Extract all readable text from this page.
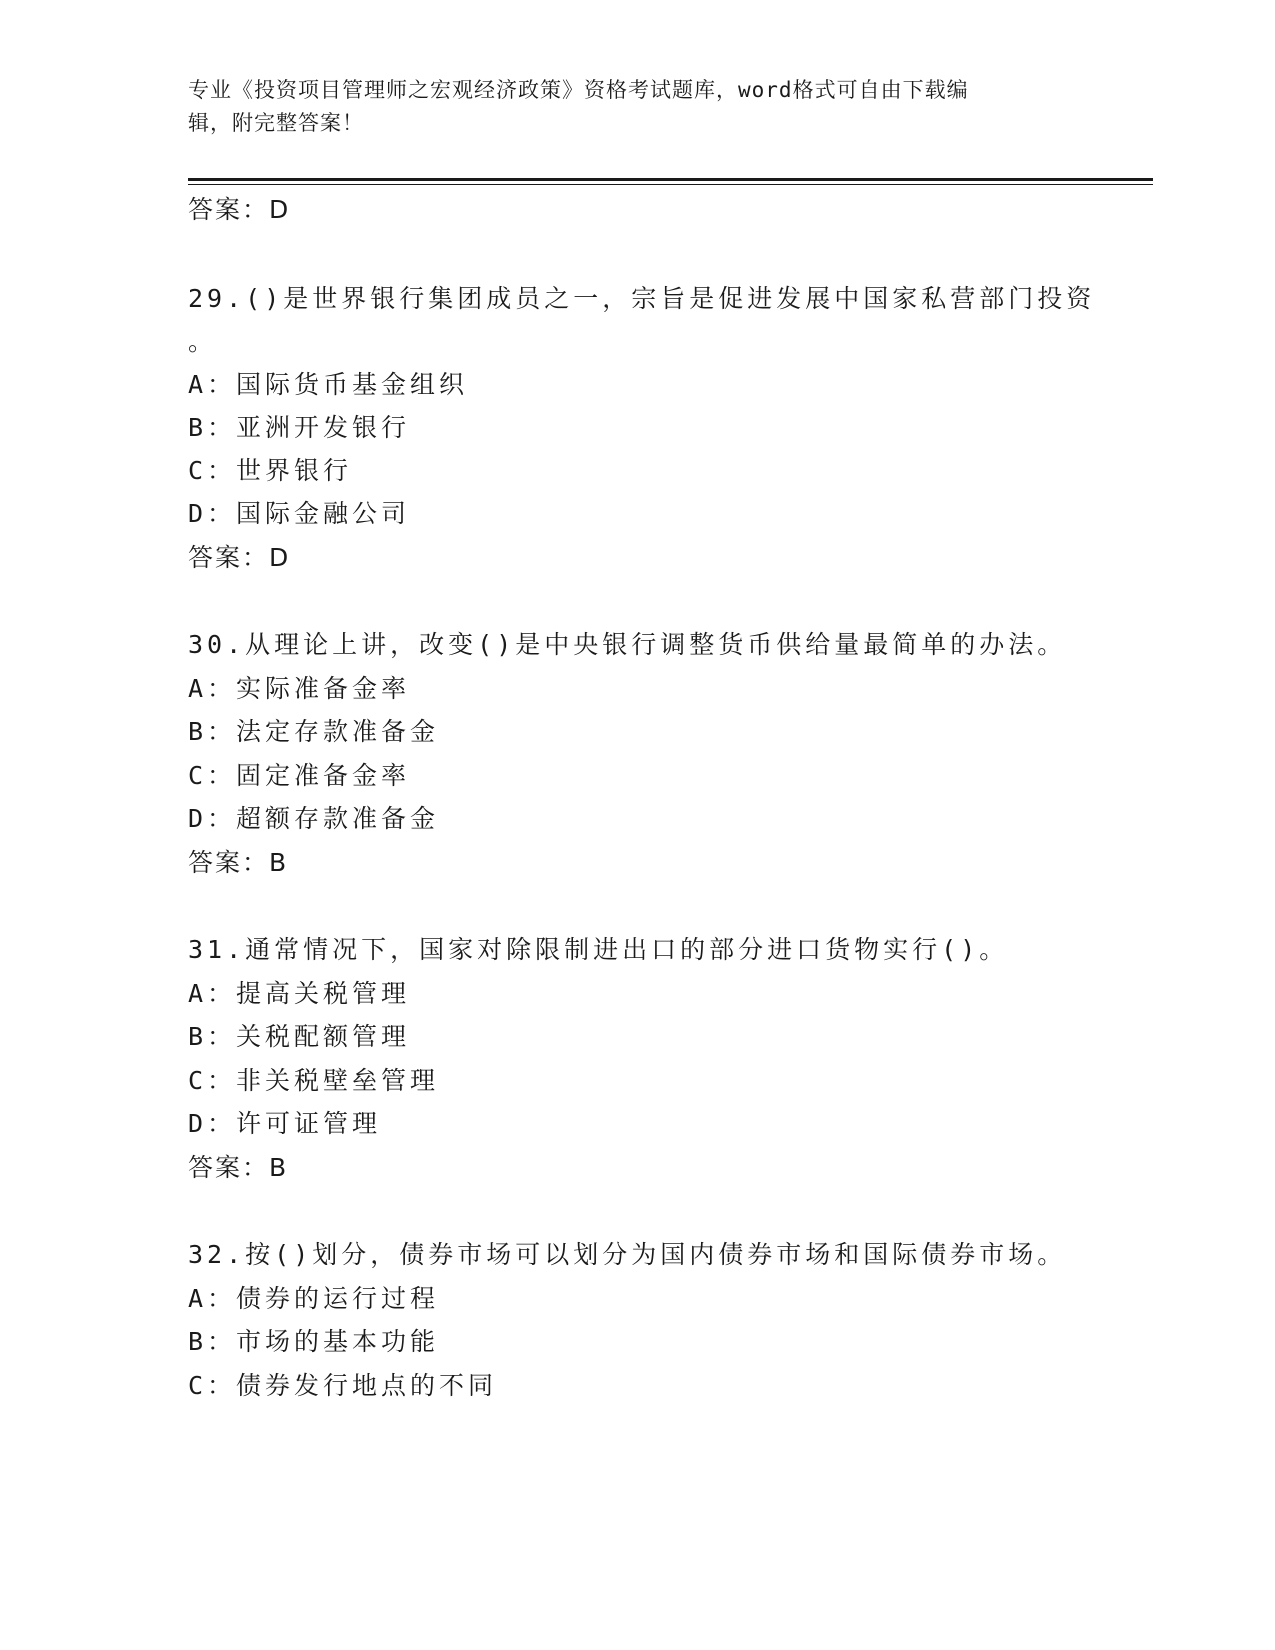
专业《投资项目管理师之宏观经济政策》资格考试题库，word格式可自由下载编
辑，附完整答案！
答案：D
29.()是世界银行集团成员之一，宗旨是促进发展中国家私营部门投资
。
A：国际货币基金组织
B：亚洲开发银行
C：世界银行
D：国际金融公司
答案：D
30.从理论上讲，改变()是中央银行调整货币供给量最简单的办法。
A：实际准备金率
B：法定存款准备金
C：固定准备金率
D：超额存款准备金
答案：B
31.通常情况下，国家对除限制进出口的部分进口货物实行()。
A：提高关税管理
B：关税配额管理
C：非关税壁垒管理
D：许可证管理
答案：B
32.按()划分，债券市场可以划分为国内债券市场和国际债券市场。
A：债券的运行过程
B：市场的基本功能
C：债券发行地点的不同
